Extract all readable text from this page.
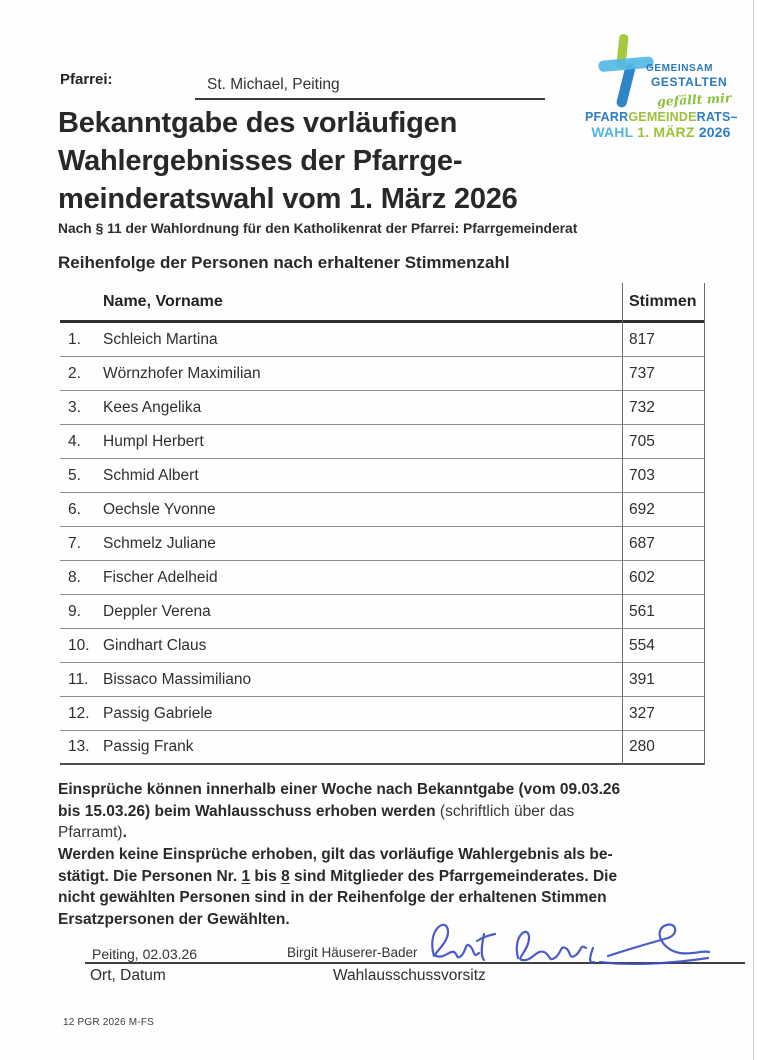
Pfarrei:	St. Michael, Peiting
GEMEINSAM
GESTALTEN
gefällt mir
PFARRGEMEINDERATS–
WAHL 1. MÄRZ 2026
Bekanntgabe des vorläufigen
Wahlergebnisses der Pfarrge-
meinderatswahl vom 1. März 2026
Nach § 11 der Wahlordnung für den Katholikenrat der Pfarrei: Pfarrgemeinderat
Reihenfolge der Personen nach erhaltener Stimmenzahl
Name, Vorname	Stimmen
1.	Schleich Martina	817
2.	Wörnzhofer Maximilian	737
3.	Kees Angelika	732
4.	Humpl Herbert	705
5.	Schmid Albert	703
6.	Oechsle Yvonne	692
7.	Schmelz Juliane	687
8.	Fischer Adelheid	602
9.	Deppler Verena	561
10. Gindhart Claus	554
11. Bissaco Massimiliano	391
12. Passig Gabriele	327
13. Passig Frank	280
Einsprüche können innerhalb einer Woche nach Bekanntgabe (vom 09.03.26
bis 15.03.26) beim Wahlausschuss erhoben werden (schriftlich über das
Pfarramt).
Werden keine Einsprüche erhoben, gilt das vorläufige Wahlergebnis als be-
stätigt. Die Personen Nr. 1 bis 8 sind Mitglieder des Pfarrgemeinderates. Die
nicht gewählten Personen sind in der Reihenfolge der erhaltenen Stimmen
Ersatzpersonen der Gewählten.
Peiting, 02.03.26
Ort, Datum
Birgit Häuserer-Bader
Wahlausschussvorsitz
12 PGR 2026 M-FS
